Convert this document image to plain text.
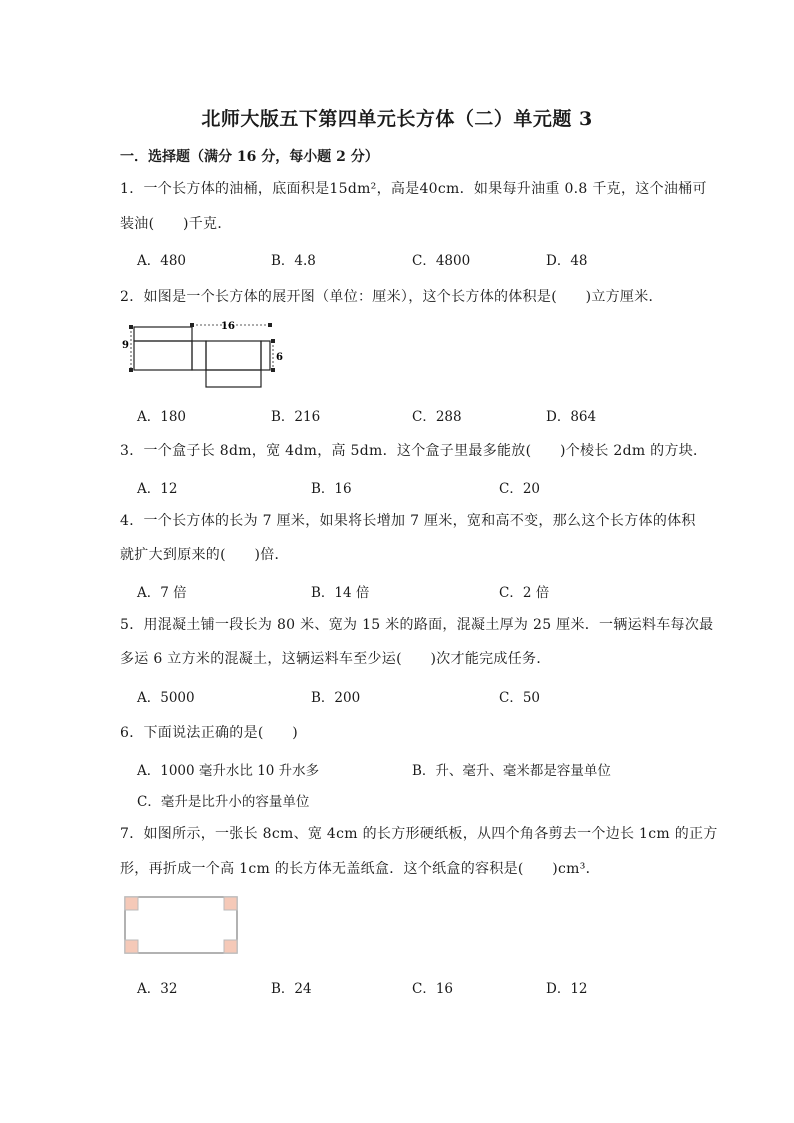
北师大版五下第四单元长方体（二）单元题 3
一．选择题（满分 16 分，每小题 2 分）
1．一个长方体的油桶，底面积是15dm²，高是40cm．如果每升油重 0.8 千克，这个油桶可
装油(　　)千克．
A．480	B．4.8	C．4800	D．48
2．如图是一个长方体的展开图（单位：厘米），这个长方体的体积是(　　)立方厘米．
16
9
6
A．180	B．216	C．288	D．864
3．一个盒子长 8dm，宽 4dm，高 5dm．这个盒子里最多能放(　　)个棱长 2dm 的方块．
A．12	B．16	C．20
4．一个长方体的长为 7 厘米，如果将长增加 7 厘米，宽和高不变，那么这个长方体的体积
就扩大到原来的(　　)倍．
A．7 倍	B．14 倍	C．2 倍
5．用混凝土铺一段长为 80 米、宽为 15 米的路面，混凝土厚为 25 厘米．一辆运料车每次最
多运 6 立方米的混凝土，这辆运料车至少运(　　)次才能完成任务．
A．5000	B．200	C．50
6．下面说法正确的是(　　)
A．1000 毫升水比 10 升水多	B．升、毫升、毫米都是容量单位
C．毫升是比升小的容量单位
7．如图所示，一张长 8cm、宽 4cm 的长方形硬纸板，从四个角各剪去一个边长 1cm 的正方
形，再折成一个高 1cm 的长方体无盖纸盒．这个纸盒的容积是(　　)cm³．
A．32	B．24	C．16	D．12
